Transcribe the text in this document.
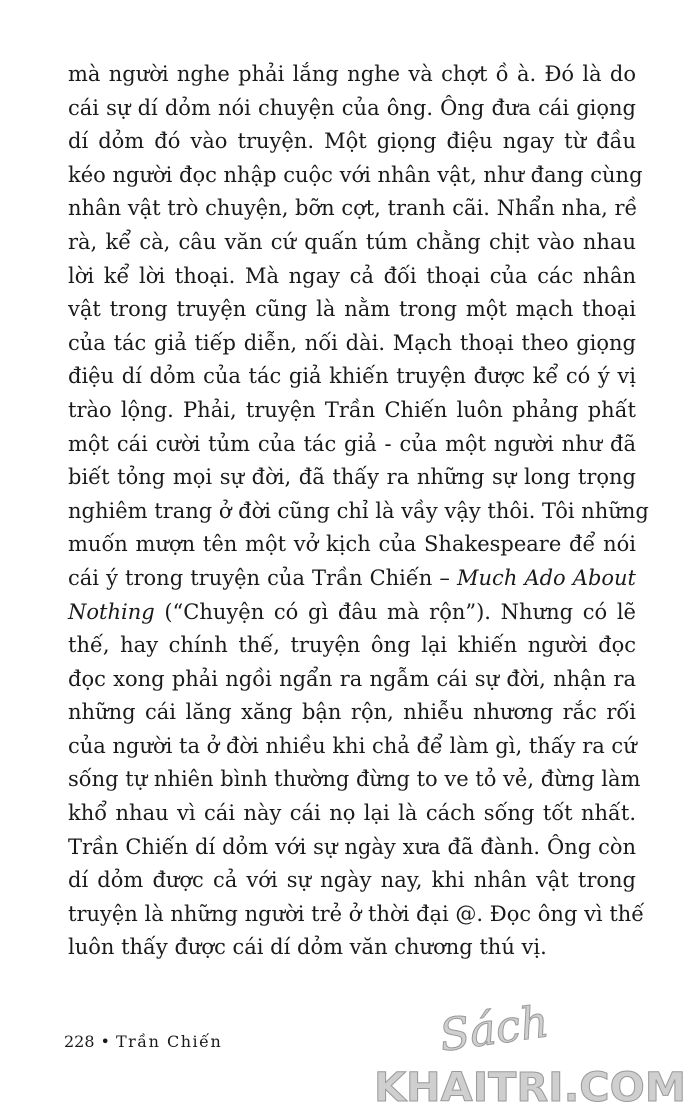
mà người nghe phải lắng nghe và chợt ồ à. Đó là do
cái sự dí dỏm nói chuyện của ông. Ông đưa cái giọng
dí dỏm đó vào truyện. Một giọng điệu ngay từ đầu
kéo người đọc nhập cuộc với nhân vật, như đang cùng
nhân vật trò chuyện, bỡn cợt, tranh cãi. Nhẩn nha, rề
rà, kể cà, câu văn cứ quấn túm chằng chịt vào nhau
lời kể lời thoại. Mà ngay cả đối thoại của các nhân
vật trong truyện cũng là nằm trong một mạch thoại
của tác giả tiếp diễn, nối dài. Mạch thoại theo giọng
điệu dí dỏm của tác giả khiến truyện được kể có ý vị
trào lộng. Phải, truyện Trần Chiến luôn phảng phất
một cái cười tủm của tác giả - của một người như đã
biết tỏng mọi sự đời, đã thấy ra những sự long trọng
nghiêm trang ở đời cũng chỉ là vầy vậy thôi. Tôi những
muốn mượn tên một vở kịch của Shakespeare để nói
cái ý trong truyện của Trần Chiến – Much Ado About
Nothing (“Chuyện có gì đâu mà rộn”). Nhưng có lẽ
thế, hay chính thế, truyện ông lại khiến người đọc
đọc xong phải ngồi ngẩn ra ngẫm cái sự đời, nhận ra
những cái lăng xăng bận rộn, nhiễu nhương rắc rối
của người ta ở đời nhiều khi chả để làm gì, thấy ra cứ
sống tự nhiên bình thường đừng to ve tỏ vẻ, đừng làm
khổ nhau vì cái này cái nọ lại là cách sống tốt nhất.
Trần Chiến dí dỏm với sự ngày xưa đã đành. Ông còn
dí dỏm được cả với sự ngày nay, khi nhân vật trong
truyện là những người trẻ ở thời đại @. Đọc ông vì thế
luôn thấy được cái dí dỏm văn chương thú vị.
228 • Trần Chiến	Sách
KHAITRI.COM
